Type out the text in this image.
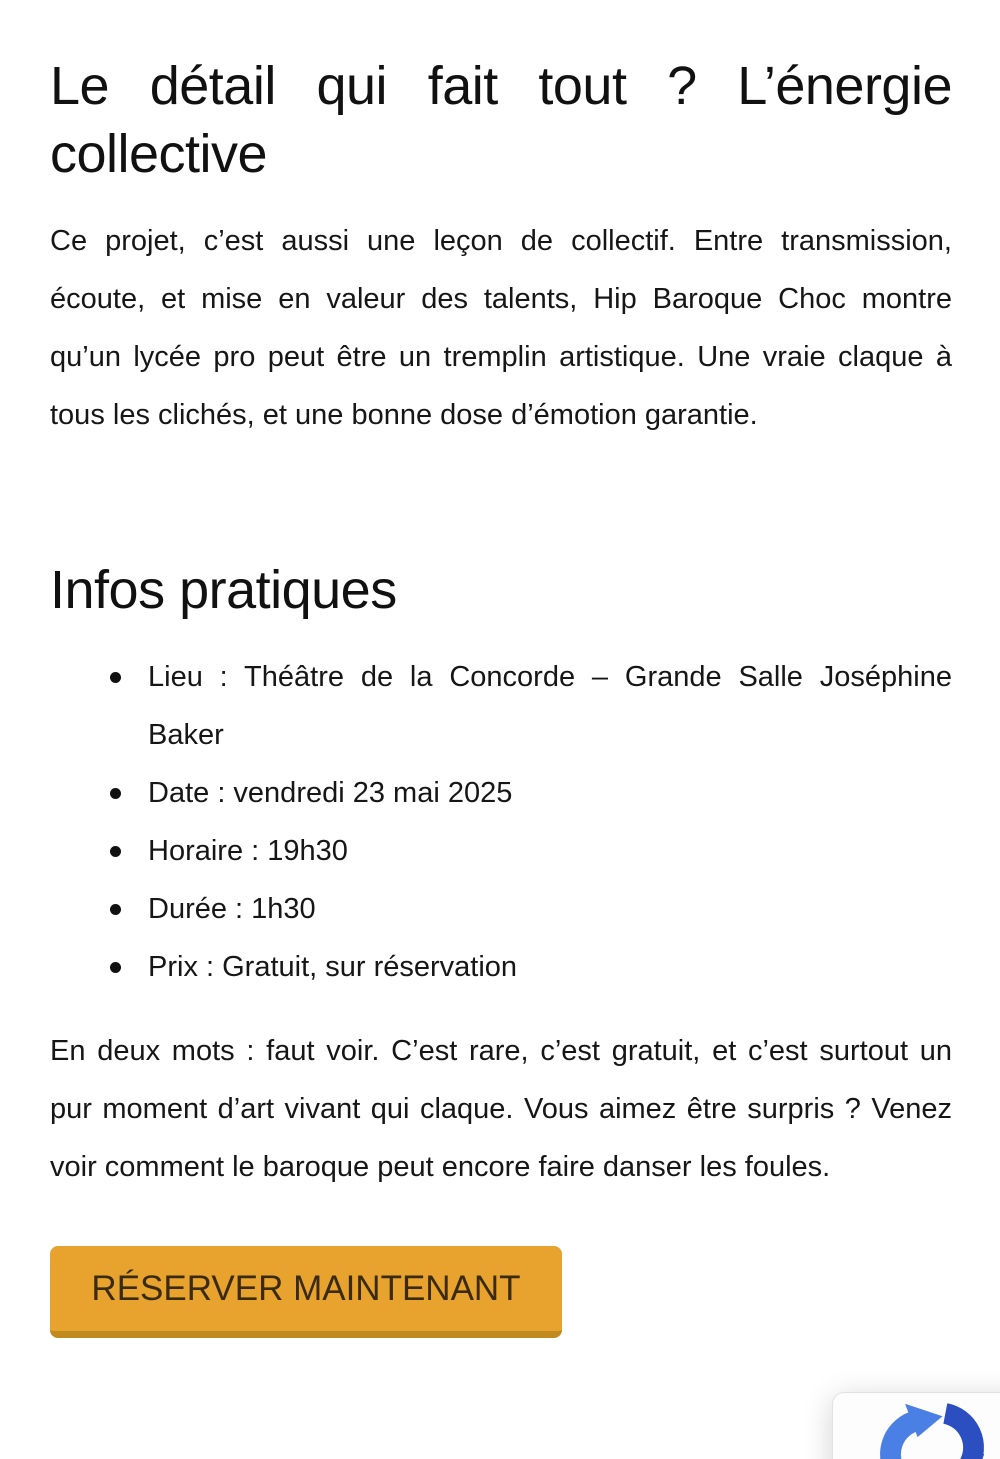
Le détail qui fait tout ? L’énergie collective

Ce projet, c’est aussi une leçon de collectif. Entre transmission, écoute, et mise en valeur des talents, Hip Baroque Choc montre qu’un lycée pro peut être un tremplin artistique. Une vraie claque à tous les clichés, et une bonne dose d’émotion garantie.

Infos pratiques
Lieu : Théâtre de la Concorde – Grande Salle Joséphine Baker
Date : vendredi 23 mai 2025
Horaire : 19h30
Durée : 1h30
Prix : Gratuit, sur réservation

En deux mots : faut voir. C’est rare, c’est gratuit, et c’est surtout un pur moment d’art vivant qui claque. Vous aimez être surpris ? Venez voir comment le baroque peut encore faire danser les foules.

RÉSERVER MAINTENANT
